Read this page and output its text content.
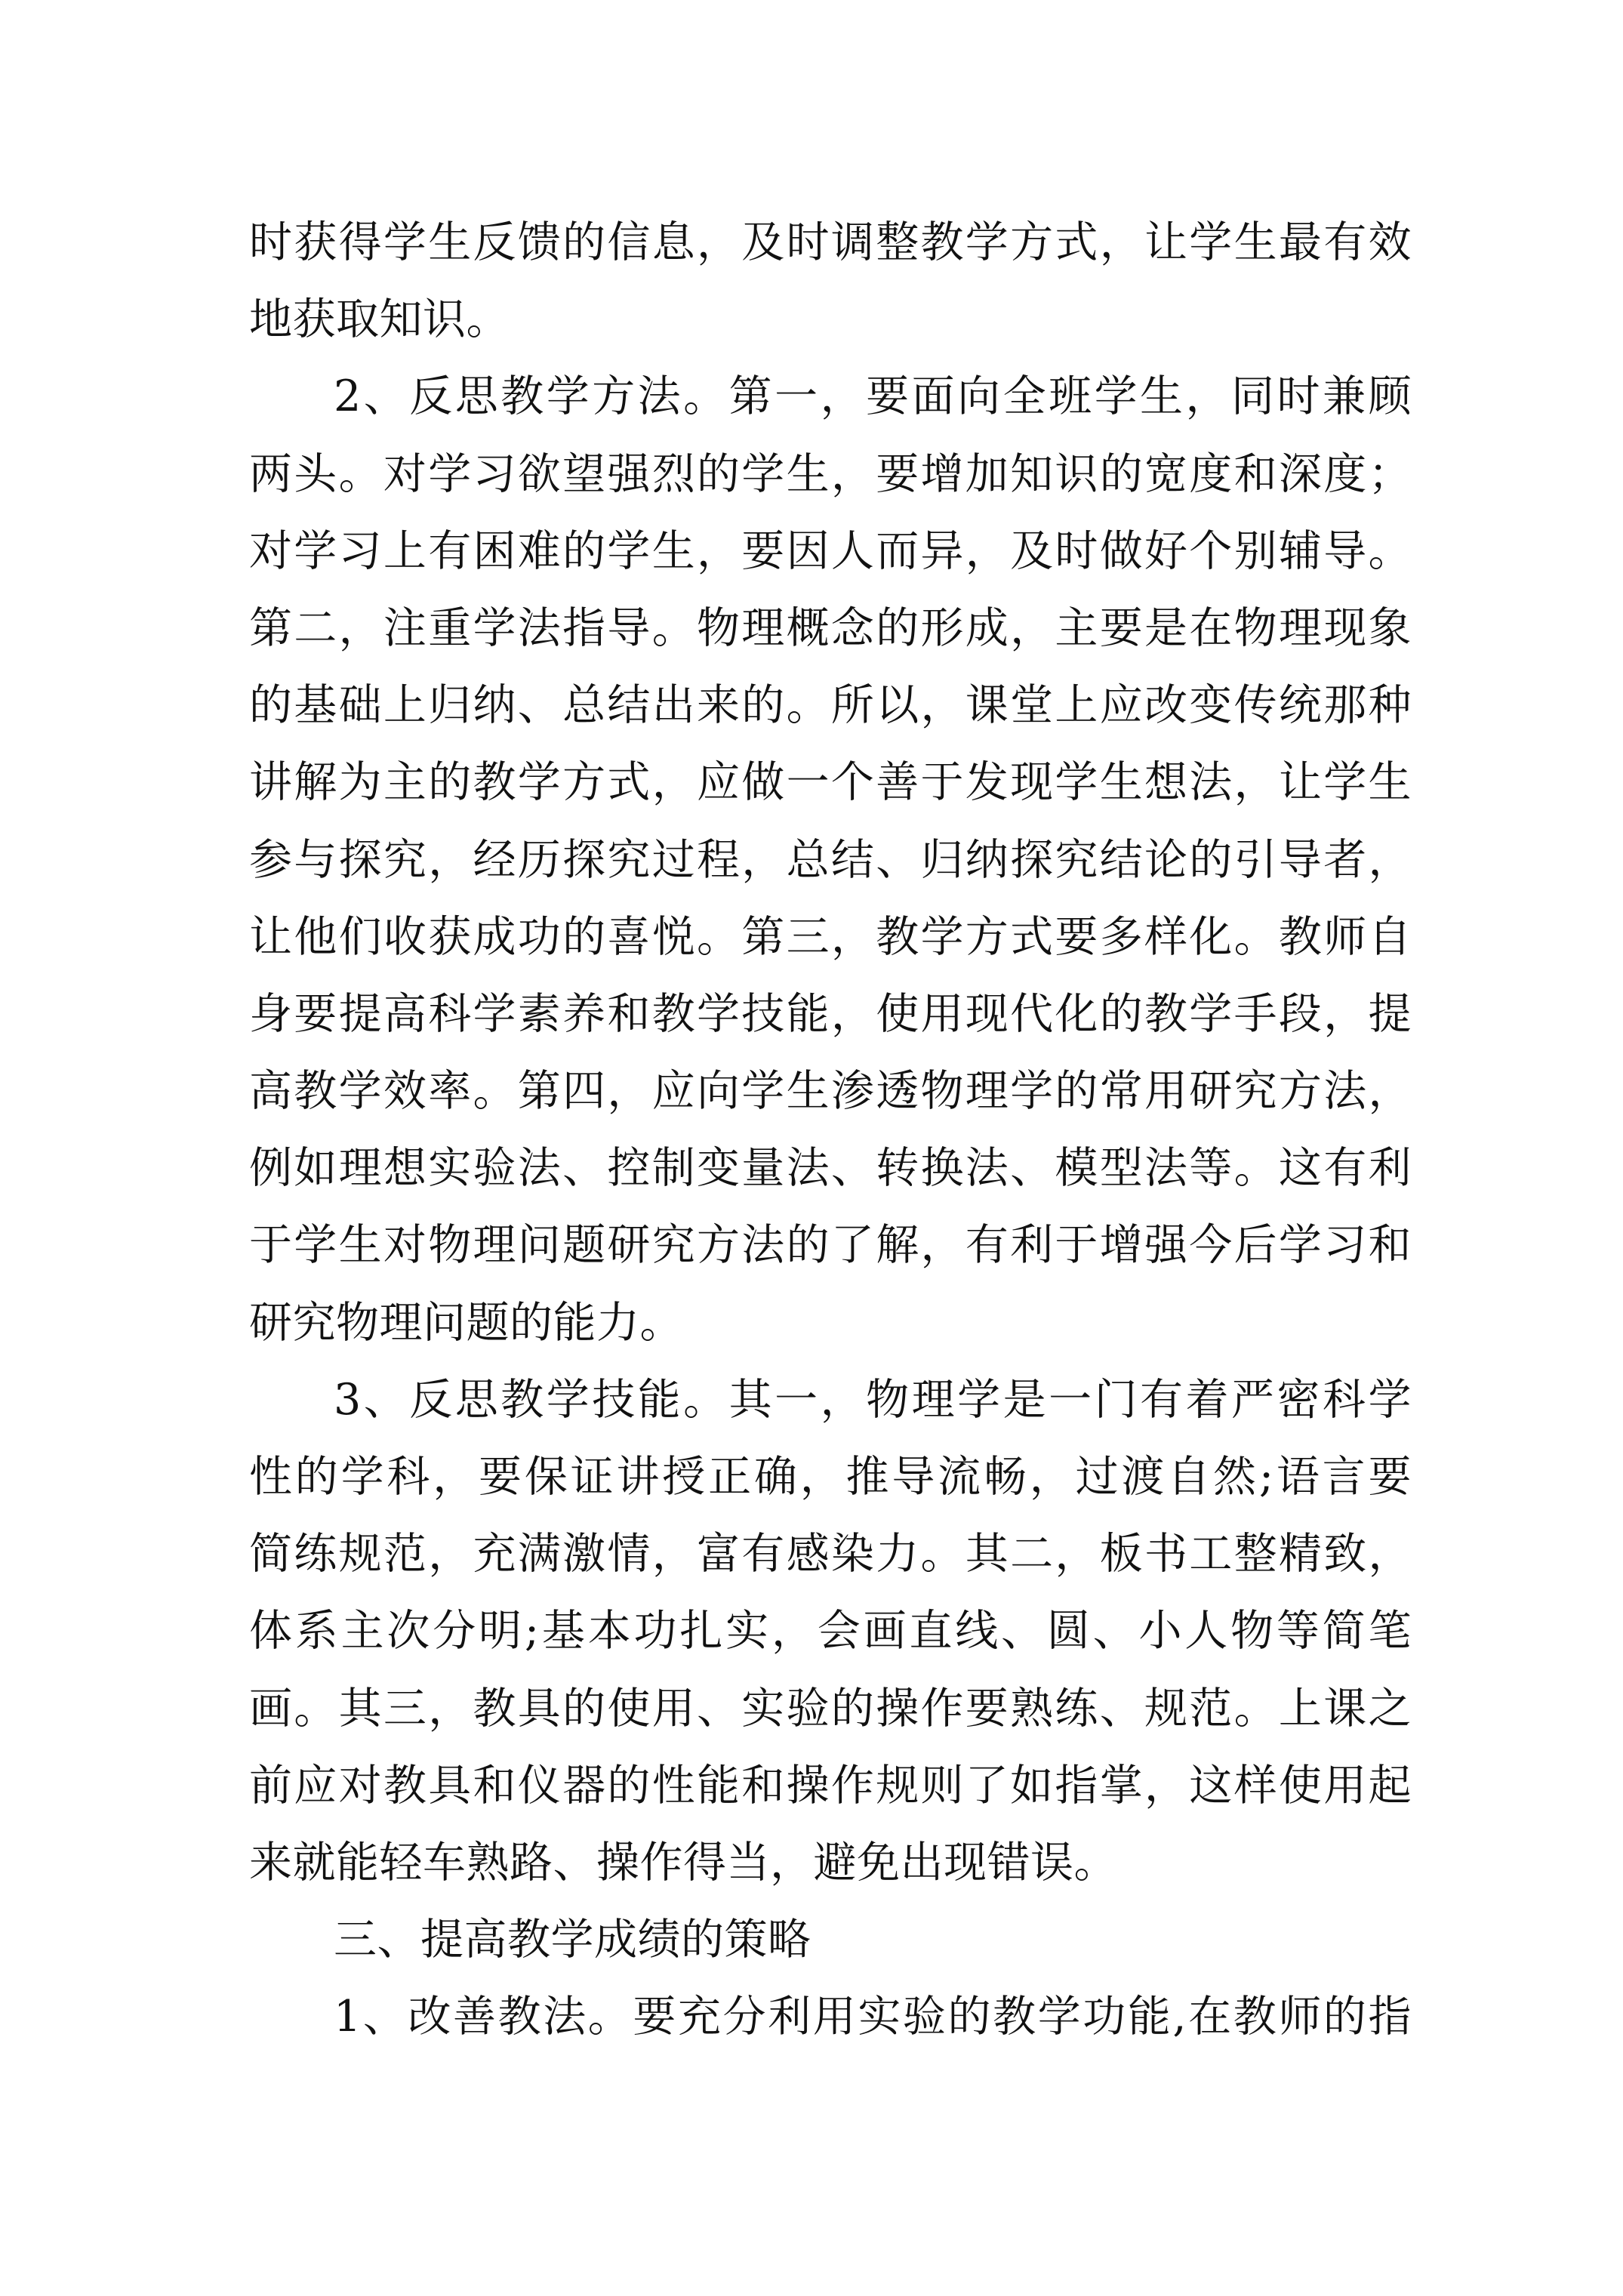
时获得学生反馈的信息，及时调整教学方式，让学生最有效
地获取知识。
2、反思教学方法。第一，要面向全班学生，同时兼顾
两头。对学习欲望强烈的学生，要增加知识的宽度和深度；
对学习上有困难的学生，要因人而异，及时做好个别辅导。
第二，注重学法指导。物理概念的形成，主要是在物理现象
的基础上归纳、总结出来的。所以，课堂上应改变传统那种
讲解为主的教学方式，应做一个善于发现学生想法，让学生
参与探究，经历探究过程，总结、归纳探究结论的引导者，
让他们收获成功的喜悦。第三，教学方式要多样化。教师自
身要提高科学素养和教学技能，使用现代化的教学手段，提
高教学效率。第四，应向学生渗透物理学的常用研究方法，
例如理想实验法、控制变量法、转换法、模型法等。这有利
于学生对物理问题研究方法的了解，有利于增强今后学习和
研究物理问题的能力。
3、反思教学技能。其一，物理学是一门有着严密科学
性的学科，要保证讲授正确，推导流畅，过渡自然;语言要
简练规范，充满激情，富有感染力。其二，板书工整精致，
体系主次分明;基本功扎实，会画直线、圆、小人物等简笔
画。其三，教具的使用、实验的操作要熟练、规范。上课之
前应对教具和仪器的性能和操作规则了如指掌，这样使用起
来就能轻车熟路、操作得当，避免出现错误。
三、提高教学成绩的策略
1、改善教法。要充分利用实验的教学功能,在教师的指
